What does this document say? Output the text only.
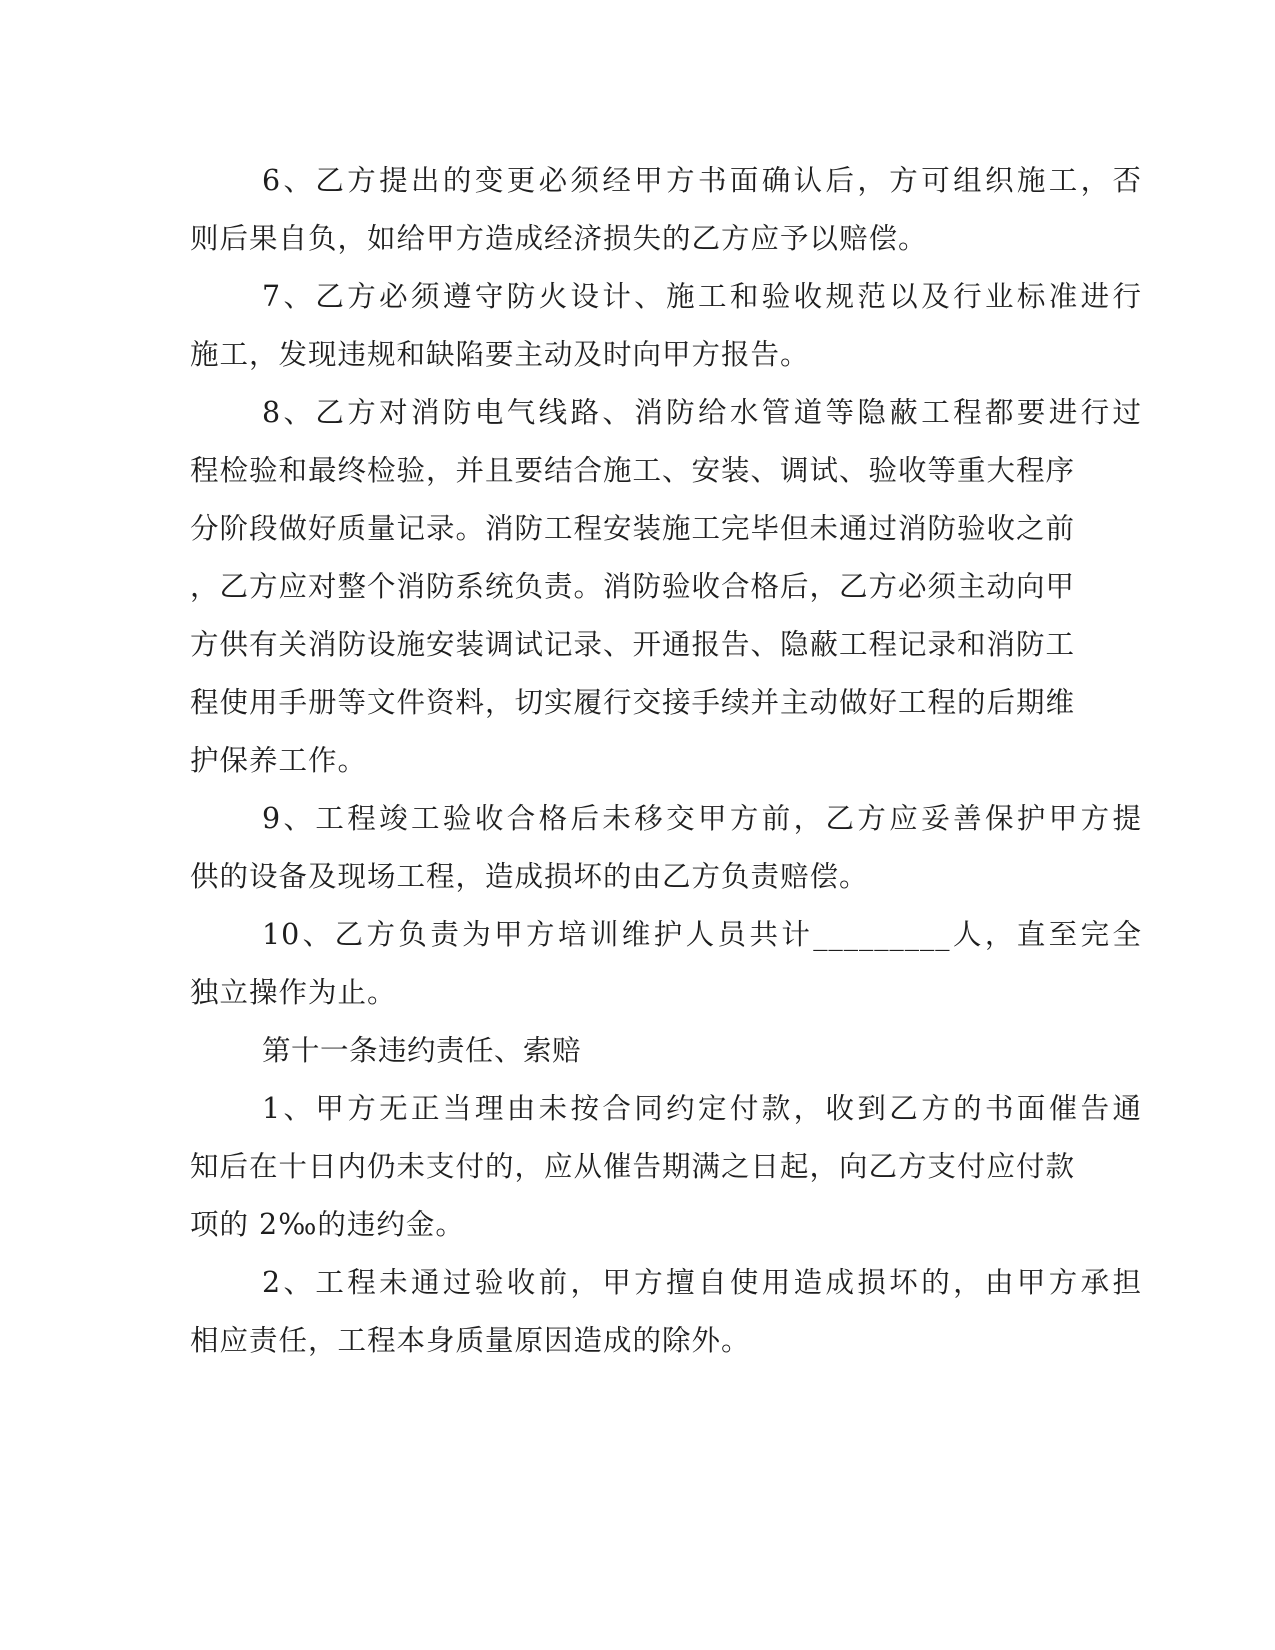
6、乙方提出的变更必须经甲方书面确认后，方可组织施工，否
则后果自负，如给甲方造成经济损失的乙方应予以赔偿。
7、乙方必须遵守防火设计、施工和验收规范以及行业标准进行
施工，发现违规和缺陷要主动及时向甲方报告。
8、乙方对消防电气线路、消防给水管道等隐蔽工程都要进行过
程检验和最终检验，并且要结合施工、安装、调试、验收等重大程序
分阶段做好质量记录。消防工程安装施工完毕但未通过消防验收之前
，乙方应对整个消防系统负责。消防验收合格后，乙方必须主动向甲
方供有关消防设施安装调试记录、开通报告、隐蔽工程记录和消防工
程使用手册等文件资料，切实履行交接手续并主动做好工程的后期维
护保养工作。
9、工程竣工验收合格后未移交甲方前，乙方应妥善保护甲方提
供的设备及现场工程，造成损坏的由乙方负责赔偿。
10、乙方负责为甲方培训维护人员共计_________人，直至完全
独立操作为止。
第十一条违约责任、索赔
1、甲方无正当理由未按合同约定付款，收到乙方的书面催告通
知后在十日内仍未支付的，应从催告期满之日起，向乙方支付应付款
项的 2‰的违约金。
2、工程未通过验收前，甲方擅自使用造成损坏的，由甲方承担
相应责任，工程本身质量原因造成的除外。
